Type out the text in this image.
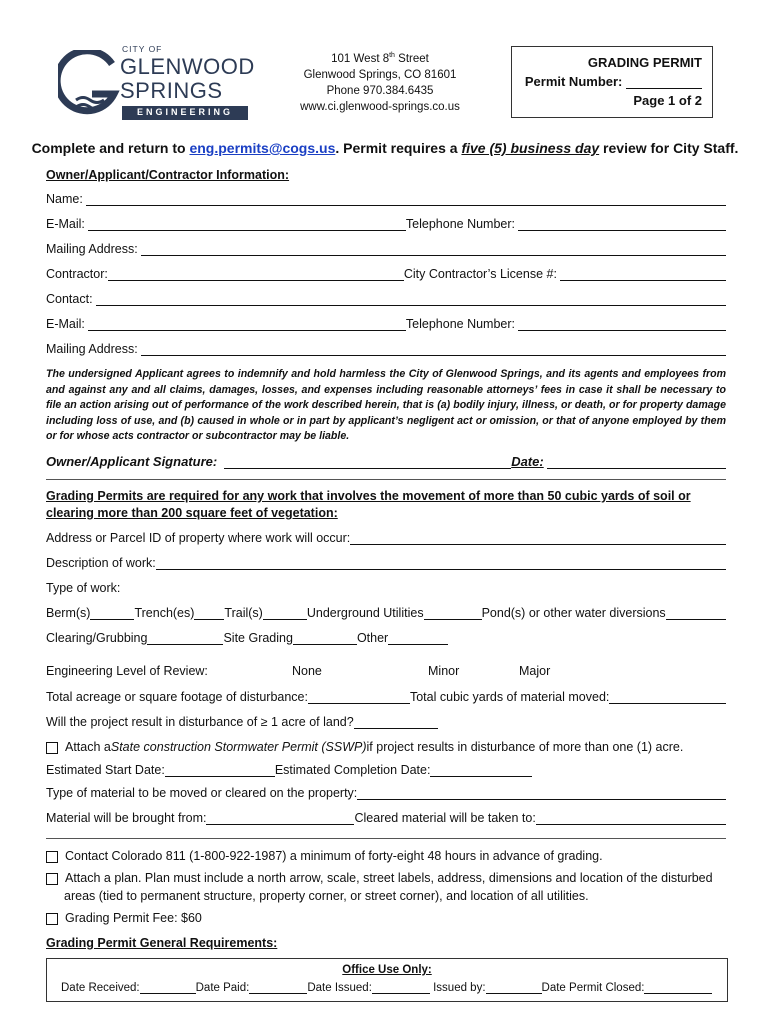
CITY OF
GLENWOOD
SPRINGS
ENGINEERING
101 West 8th Street
Glenwood Springs, CO 81601
Phone 970.384.6435
www.ci.glenwood-springs.co.us
GRADING PERMIT
Permit Number:
Page 1 of 2
Complete and return to eng.permits@cogs.us. Permit requires a five (5) business day review for City Staff.
Owner/Applicant/Contractor Information:
Name:
E-Mail:	Telephone Number:
Mailing Address:
Contractor:	City Contractor’s License #:
Contact:
E-Mail:	Telephone Number:
Mailing Address:
The undersigned Applicant agrees to indemnify and hold harmless the City of Glenwood Springs, and its agents and employees from and against any and all claims, damages, losses, and expenses including reasonable attorneys’ fees in case it shall be necessary to file an action arising out of performance of the work described herein, that is (a) bodily injury, illness, or death, or for property damage including loss of use, and (b) caused in whole or in part by applicant’s negligent act or omission, or that of anyone employed by them or for whose acts contractor or subcontractor may be liable.
Owner/Applicant Signature:	Date:
Grading Permits are required for any work that involves the movement of more than 50 cubic yards of soil or clearing more than 200 square feet of vegetation:
Address or Parcel ID of property where work will occur:
Description of work:
Type of work:
Berm(s)	Trench(es) Trail(s)	Underground Utilities	Pond(s) or other water diversions
Clearing/Grubbing	Site Grading	Other
Engineering Level of Review:	None	Minor	Major
Total acreage or square footage of disturbance:	Total cubic yards of material moved:
Will the project result in disturbance of ≥ 1 acre of land?
Attach a State construction Stormwater Permit (SSWP) if project results in disturbance of more than one (1) acre.
Estimated Start Date:	Estimated Completion Date:
Type of material to be moved or cleared on the property:
Material will be brought from:	Cleared material will be taken to:
Contact Colorado 811 (1-800-922-1987) a minimum of forty-eight 48 hours in advance of grading.
Attach a plan. Plan must include a north arrow, scale, street labels, address, dimensions and location of the disturbed
areas (tied to permanent structure, property corner, or street corner), and location of all utilities.
Grading Permit Fee: $60
Grading Permit General Requirements:
Office Use Only:
Date Received:	Date Paid:	Date Issued:	Issued by:	Date Permit Closed:
